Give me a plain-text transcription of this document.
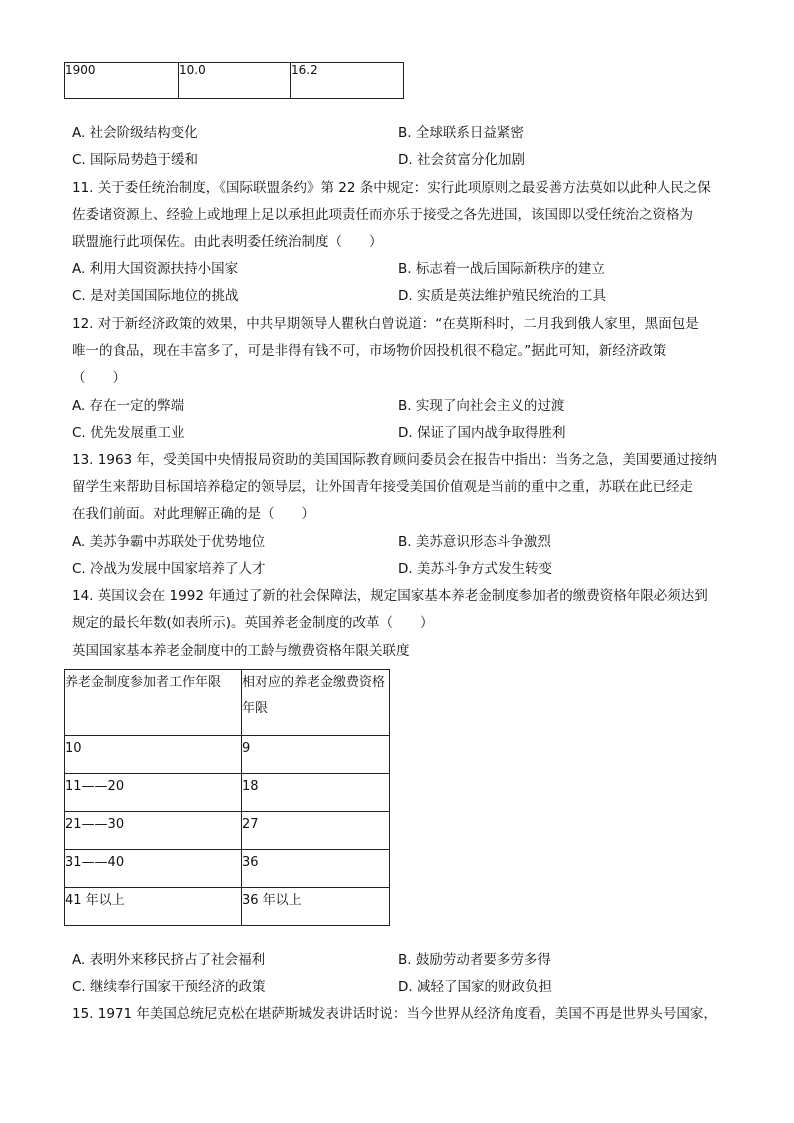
1900	10.0	16.2
A. 社会阶级结构变化	B. 全球联系日益紧密
C. 国际局势趋于缓和	D. 社会贫富分化加剧
11. 关于委任统治制度，《国际联盟条约》第 22 条中规定：实行此项原则之最妥善方法莫如以此种人民之保
佐委诸资源上、经验上或地理上足以承担此项责任而亦乐于接受之各先进国，该国即以受任统治之资格为
联盟施行此项保佐。由此表明委任统治制度（　　）
A. 利用大国资源扶持小国家	B. 标志着一战后国际新秩序的建立
C. 是对美国国际地位的挑战	D. 实质是英法维护殖民统治的工具
12. 对于新经济政策的效果，中共早期领导人瞿秋白曾说道：“在莫斯科时，二月我到俄人家里，黑面包是
唯一的食品，现在丰富多了，可是非得有钱不可，市场物价因投机很不稳定。”据此可知，新经济政策
（　　）
A. 存在一定的弊端	B. 实现了向社会主义的过渡
C. 优先发展重工业	D. 保证了国内战争取得胜利
13. 1963 年，受美国中央情报局资助的美国国际教育顾问委员会在报告中指出：当务之急，美国要通过接纳
留学生来帮助目标国培养稳定的领导层，让外国青年接受美国价值观是当前的重中之重，苏联在此已经走
在我们前面。对此理解正确的是（　　）
A. 美苏争霸中苏联处于优势地位	B. 美苏意识形态斗争激烈
C. 冷战为发展中国家培养了人才	D. 美苏斗争方式发生转变
14. 英国议会在 1992 年通过了新的社会保障法，规定国家基本养老金制度参加者的缴费资格年限必须达到
规定的最长年数(如表所示)。英国养老金制度的改革（　　）
英国国家基本养老金制度中的工龄与缴费资格年限关联度
养老金制度参加者工作年限	相对应的养老金缴费资格年限
10	9
11——20	18
21——30	27
31——40	36
41 年以上	36 年以上
A. 表明外来移民挤占了社会福利	B. 鼓励劳动者要多劳多得
C. 继续奉行国家干预经济的政策	D. 减轻了国家的财政负担
15. 1971 年美国总统尼克松在堪萨斯城发表讲话时说：当今世界从经济角度看，美国不再是世界头号国家，
